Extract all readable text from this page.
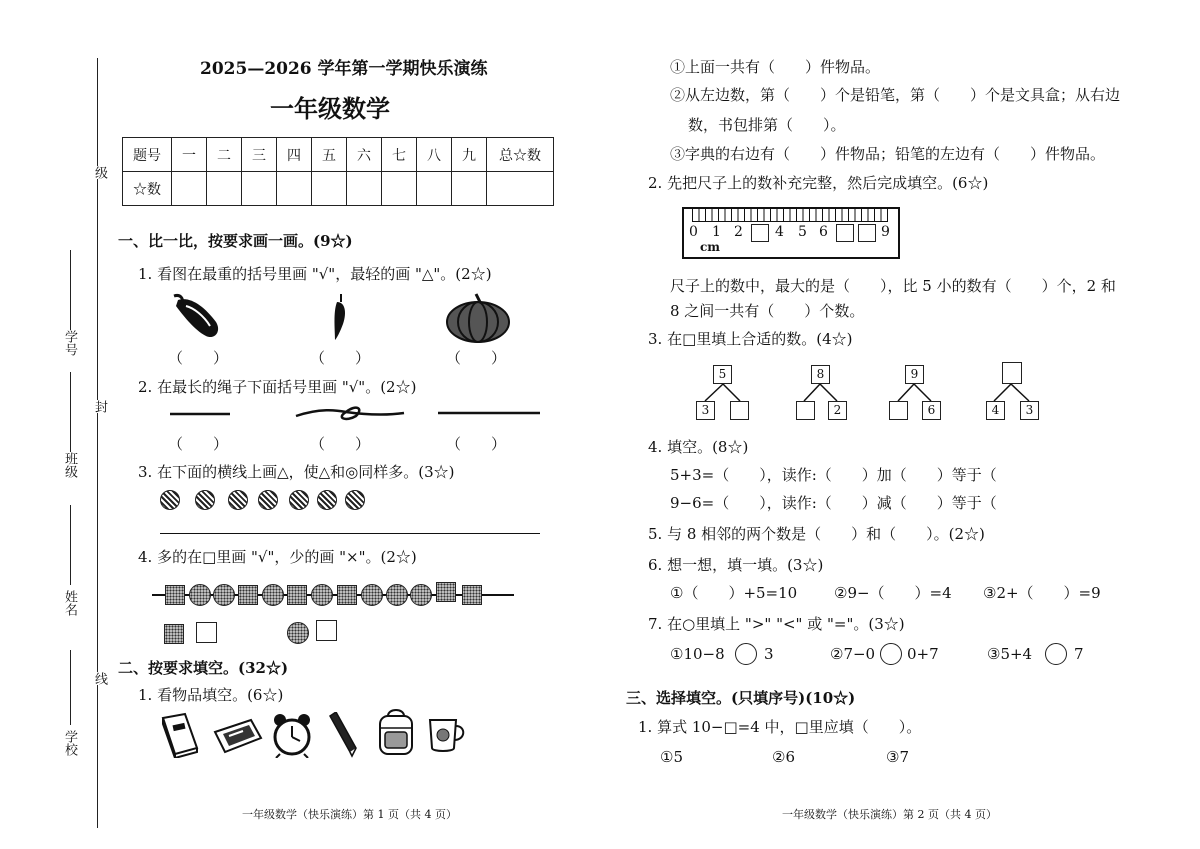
级
学号
封
班级
姓名
线
学校
2025—2026 学年第一学期快乐演练
一年级数学
题号	一	二	三	四	五	六	七	八	九	总☆数
☆数										
一、比一比，按要求画一画。(9☆)
1. 看图在最重的括号里画 "√"，最轻的画 "△"。(2☆)
（　　）	（　　）	（　　）
2. 在最长的绳子下面括号里画 "√"。(2☆)
（　　）	（　　）	（　　）
3. 在下面的横线上画△，使△和◎同样多。(3☆)
4. 多的在□里画 "√"，少的画 "×"。(2☆)
二、按要求填空。(32☆)
1. 看物品填空。(6☆)
①上面一共有（　　）件物品。
②从左边数，第（　　）个是铅笔，第（　　）个是文具盒；从右边
数，书包排第（　　）。
③字典的右边有（　　）件物品；铅笔的左边有（　　）件物品。
2. 先把尺子上的数补充完整，然后完成填空。(6☆)
0 1 2 4 5 6	9
cm
尺子上的数中，最大的是（　　），比 5 小的数有（　　）个，2 和
8 之间一共有（　　）个数。
3. 在□里填上合适的数。(4☆)
5
3
8
2
9
6	4	3
4. 填空。(8☆)
5+3=（　　），读作:（　　）加（　　）等于（
9−6=（　　），读作:（　　）减（　　）等于（
5. 与 8 相邻的两个数是（　　）和（　　）。(2☆)
6. 想一想，填一填。(3☆)
①（　　）+5=10 ②9−（　　）=4 ③2+（　　）=9
7. 在○里填上 ">" "<" 或 "="。(3☆)
①10−8	3	②7−0 0+7	③5+4	7
三、选择填空。(只填序号)(10☆)
1. 算式 10−□=4 中，□里应填（　　）。
①5	②6	③7
一年级数学（快乐演练）第 1 页（共 4 页）	一年级数学（快乐演练）第 2 页（共 4 页）
